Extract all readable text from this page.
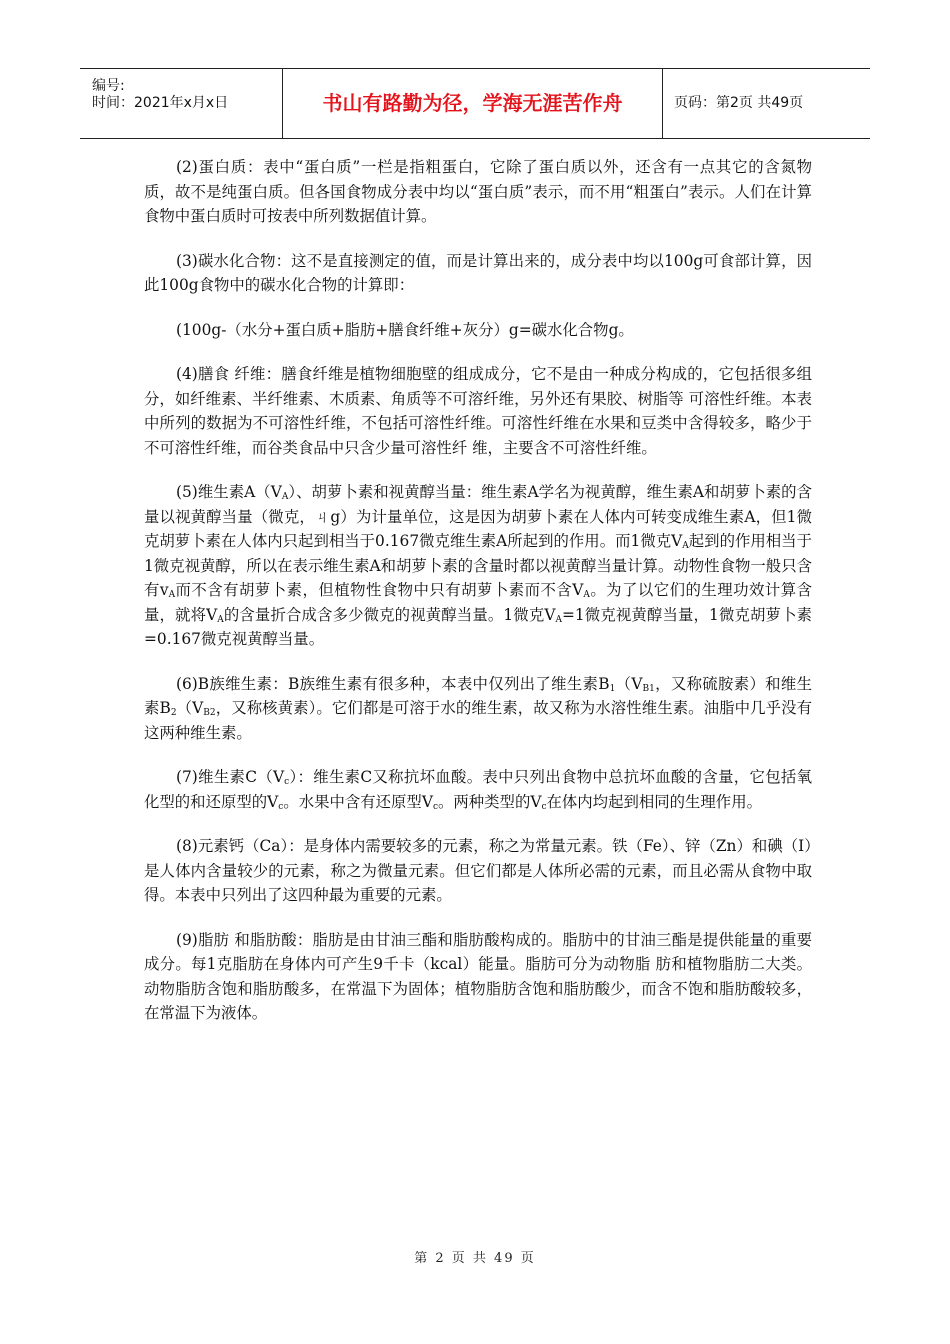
编号:
时间：2021年x月x日	书山有路勤为径，学海无涯苦作舟	页码：第2页 共49页

(2)蛋白质：表中“蛋白质”一栏是指粗蛋白，它除了蛋白质以外，还含有一点其它的含氮物质，故不是纯蛋白质。但各国食物成分表中均以“蛋白质”表示，而不用“粗蛋白”表示。人们在计算食物中蛋白质时可按表中所列数据值计算。

(3)碳水化合物：这不是直接测定的值，而是计算出来的，成分表中均以100g可食部计算，因此100g食物中的碳水化合物的计算即：

(100g-（水分+蛋白质+脂肪+膳食纤维+灰分）g=碳水化合物g。

(4)膳食 纤维：膳食纤维是植物细胞壁的组成成分，它不是由一种成分构成的，它包括很多组分，如纤维素、半纤维素、木质素、角质等不可溶纤维，另外还有果胶、树脂等 可溶性纤维。本表中所列的数据为不可溶性纤维，不包括可溶性纤维。可溶性纤维在水果和豆类中含得较多，略少于不可溶性纤维，而谷类食品中只含少量可溶性纤 维，主要含不可溶性纤维。

(5)维生素$A(V_A)$、胡萝卜素和视黄醇当量：维生素A学名为视黄醇，维生素A和胡萝卜素的含量以视黄醇当量（微克，ㄐg）为计量单位，这是因为胡萝卜素在人体内可转变成维生素A，但1微克胡萝卜素在人体内只起到相当于0.167微克维生素A所起到的作用。而1微克$V_A$起到的作用相当于1微克视黄醇，所以在表示维生素A和胡萝卜素的含量时都以视黄醇当量计算。动物性食物一般只含有$v_A$而不含有胡萝卜素，但植物性食物中只有胡萝卜素而不含$V_A$。为了以它们的生理功效计算含量，就将$V_A$的含量折合成含多少微克的视黄醇当量。1微克$V_A=1$微克视黄醇当量，1微克胡萝卜素=0.167微克视黄醇当量。

(6)B族维生素：B族维生素有很多种，本表中仅列出了维生素$B_1(V_{B1}$，又称硫胺素）和维生素$B_2(V_{B2}$，又称核黄素）。它们都是可溶于水的维生素，故又称为水溶性维生素。油脂中几乎没有这两种维生素。

(7)维生素$C(V_c)$：维生素C又称抗坏血酸。表中只列出食物中总抗坏血酸的含量，它包括氧化型的和还原型的$V_c$。水果中含有还原型$V_c$。两种类型的$V_c$在体内均起到相同的生理作用。

(8)元素钙（Ca）：是身体内需要较多的元素，称之为常量元素。铁（Fe）、锌（Zn）和碘（I）是人体内含量较少的元素，称之为微量元素。但它们都是人体所必需的元素，而且必需从食物中取得。本表中只列出了这四种最为重要的元素。

(9)脂肪 和脂肪酸：脂肪是由甘油三酯和脂肪酸构成的。脂肪中的甘油三酯是提供能量的重要成分。每1克脂肪在身体内可产生9千卡（kcal）能量。脂肪可分为动物脂 肪和植物脂肪二大类。动物脂肪含饱和脂肪酸多，在常温下为固体；植物脂肪含饱和脂肪酸少，而含不饱和脂肪酸较多，在常温下为液体。

第 2 页 共 49 页
